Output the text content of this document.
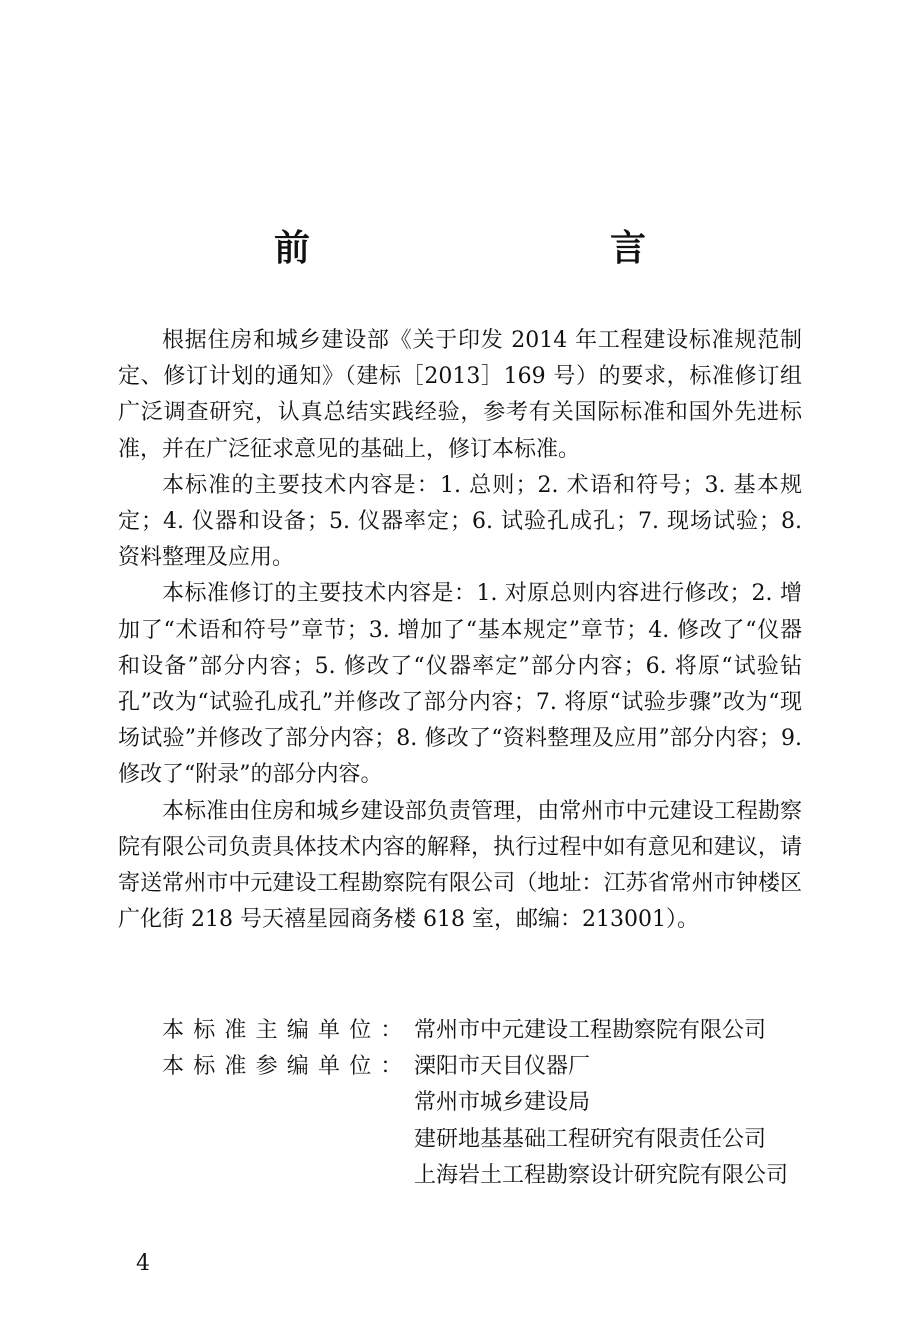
前　　言

根据住房和城乡建设部《关于印发 2014 年工程建设标准规范制定、修订计划的通知》（建标［2013］169 号）的要求，标准修订组广泛调查研究，认真总结实践经验，参考有关国际标准和国外先进标准，并在广泛征求意见的基础上，修订本标准。

本标准的主要技术内容是：1. 总则；2. 术语和符号；3. 基本规定；4. 仪器和设备；5. 仪器率定；6. 试验孔成孔；7. 现场试验；8. 资料整理及应用。

本标准修订的主要技术内容是：1. 对原总则内容进行修改；2. 增加了“术语和符号”章节；3. 增加了“基本规定”章节；4. 修改了“仪器和设备”部分内容；5. 修改了“仪器率定”部分内容；6. 将原“试验钻孔”改为“试验孔成孔”并修改了部分内容；7. 将原“试验步骤”改为“现场试验”并修改了部分内容；8. 修改了“资料整理及应用”部分内容；9. 修改了“附录”的部分内容。

本标准由住房和城乡建设部负责管理，由常州市中元建设工程勘察院有限公司负责具体技术内容的解释，执行过程中如有意见和建议，请寄送常州市中元建设工程勘察院有限公司（地址：江苏省常州市钟楼区广化街 218 号天禧星园商务楼 618 室，邮编：213001）。

本标准主编单位： 常州市中元建设工程勘察院有限公司
本标准参编单位： 溧阳市天目仪器厂
常州市城乡建设局
建研地基基础工程研究有限责任公司
上海岩土工程勘察设计研究院有限公司
4
